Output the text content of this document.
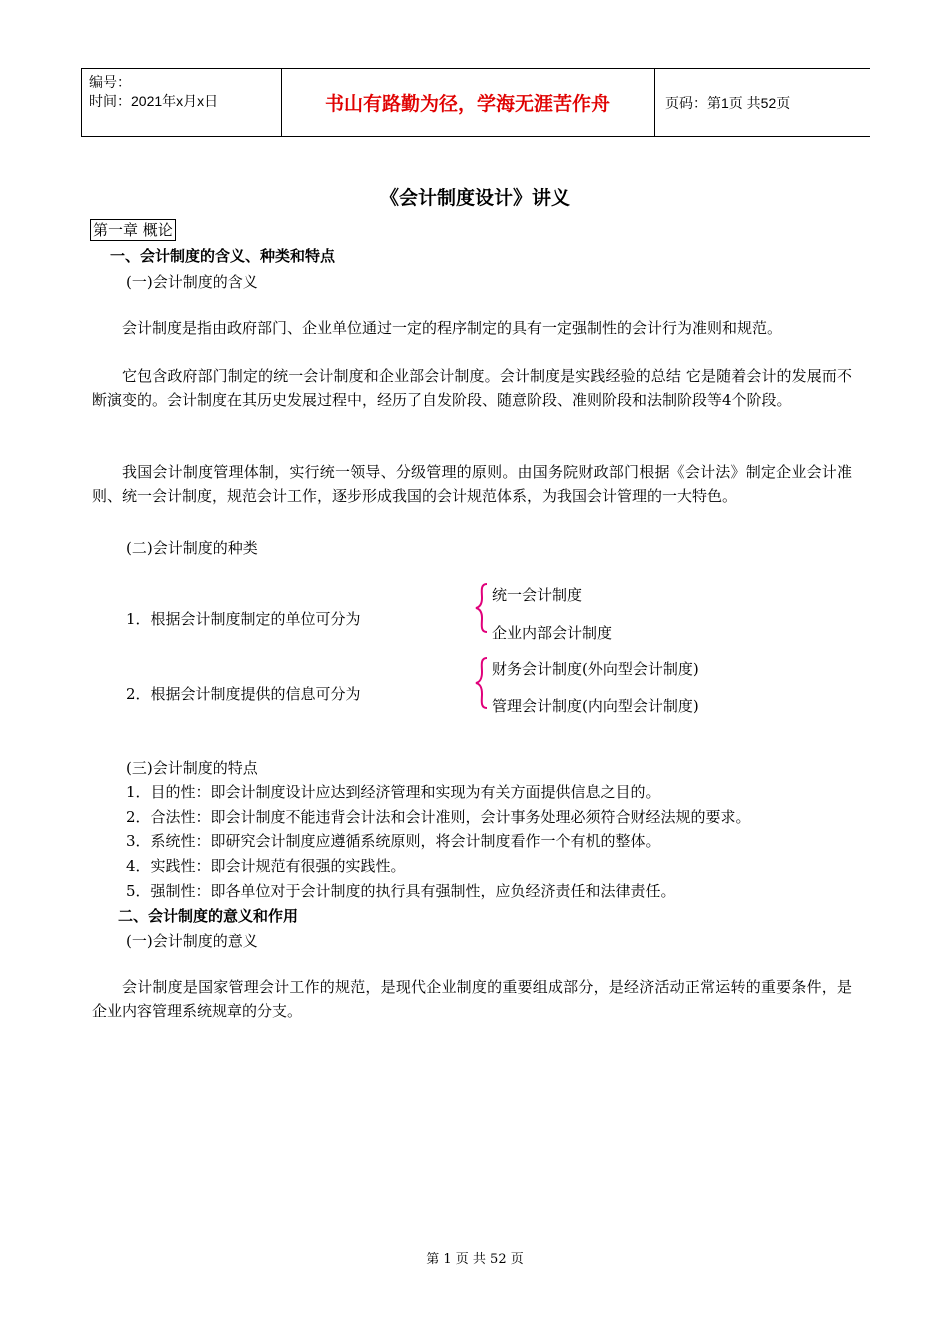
编号：
时间：2021年x月x日	书山有路勤为径，学海无涯苦作舟	页码：第1页 共52页
《会计制度设计》讲义
第一章 概论
一、会计制度的含义、种类和特点
(一)会计制度的含义
会计制度是指由政府部门、企业单位通过一定的程序制定的具有一定强制性的会计行为准则和规范。
它包含政府部门制定的统一会计制度和企业部会计制度。会计制度是实践经验的总结 它是随着会计的发展而不断演变的。会计制度在其历史发展过程中，经历了自发阶段、随意阶段、准则阶段和法制阶段等4个阶段。
我国会计制度管理体制，实行统一领导、分级管理的原则。由国务院财政部门根据《会计法》制定企业会计准则、统一会计制度，规范会计工作，逐步形成我国的会计规范体系，为我国会计管理的一大特色。
(二)会计制度的种类
1．根据会计制度制定的单位可分为
统一会计制度
企业内部会计制度
2．根据会计制度提供的信息可分为
财务会计制度(外向型会计制度)
管理会计制度(内向型会计制度)
(三)会计制度的特点
1．目的性：即会计制度设计应达到经济管理和实现为有关方面提供信息之目的。
2．合法性：即会计制度不能违背会计法和会计准则，会计事务处理必须符合财经法规的要求。
3．系统性：即研究会计制度应遵循系统原则，将会计制度看作一个有机的整体。
4．实践性：即会计规范有很强的实践性。
5．强制性：即各单位对于会计制度的执行具有强制性，应负经济责任和法律责任。
二、会计制度的意义和作用
(一)会计制度的意义
会计制度是国家管理会计工作的规范，是现代企业制度的重要组成部分，是经济活动正常运转的重要条件，是企业内容管理系统规章的分支。
第 1 页 共 52 页
